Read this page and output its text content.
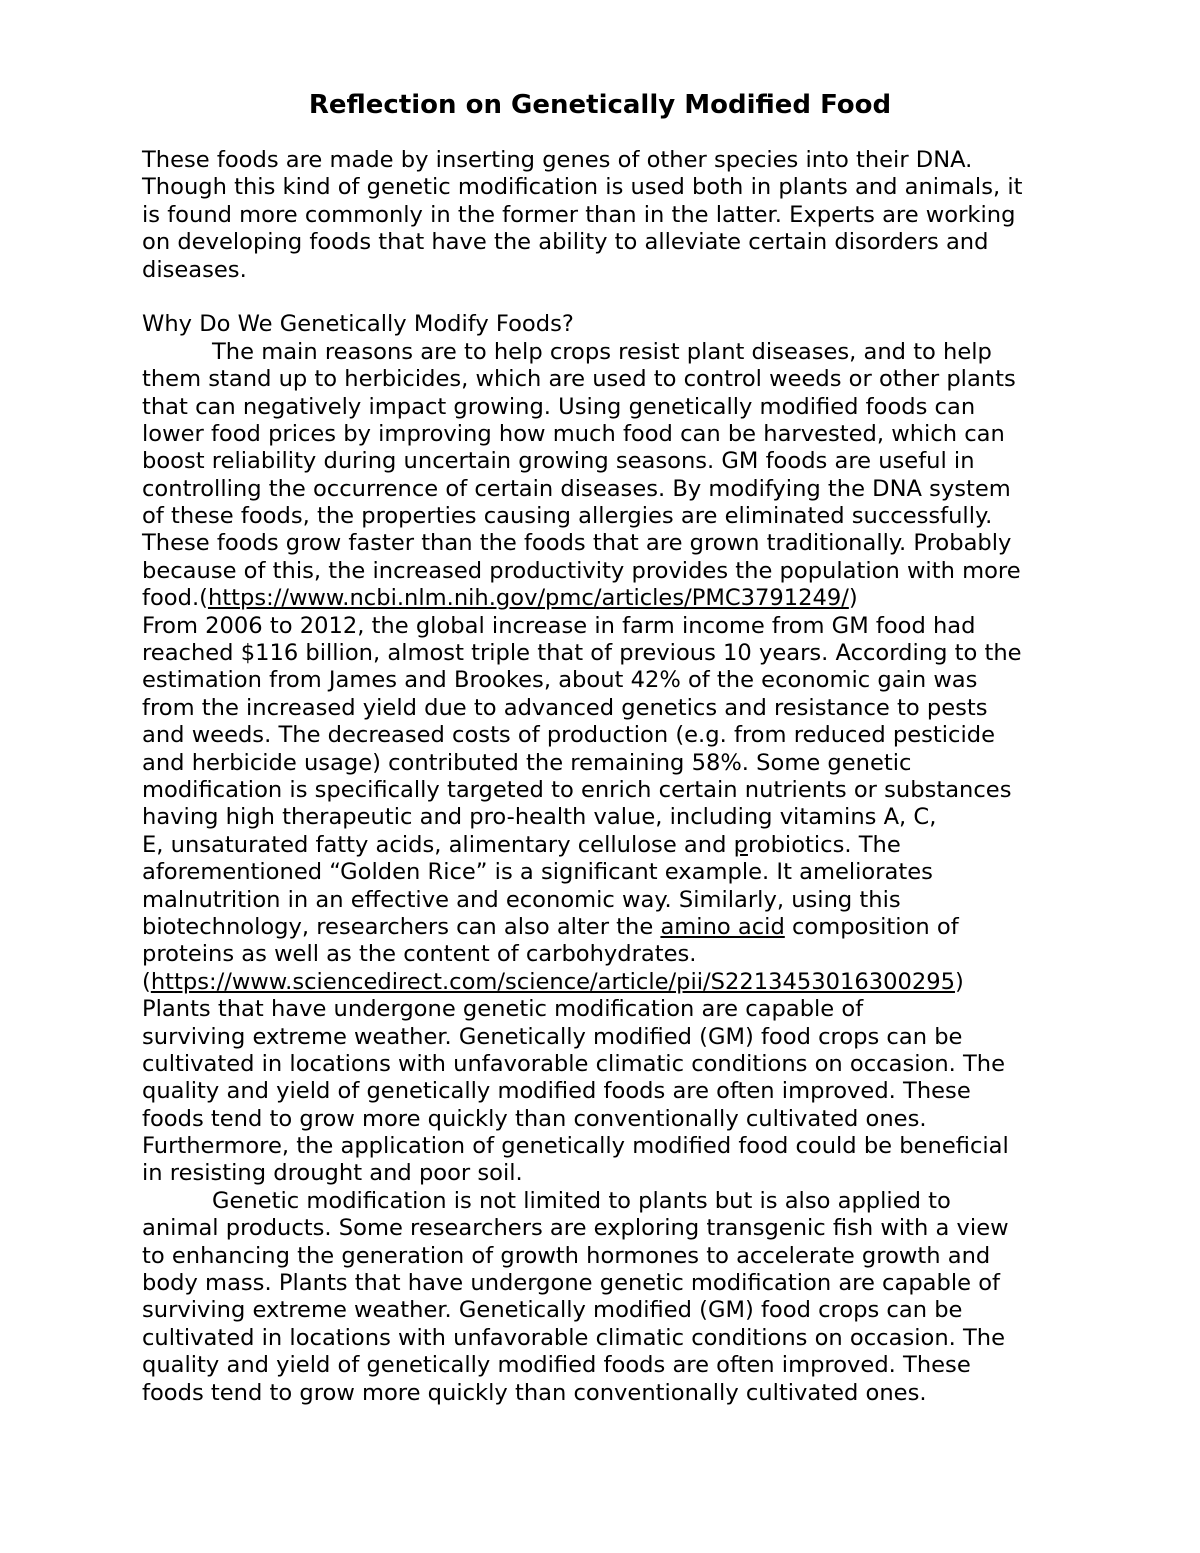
Reflection on Genetically Modified Food
These foods are made by inserting genes of other species into their DNA.
Though this kind of genetic modification is used both in plants and animals, it
is found more commonly in the former than in the latter. Experts are working
on developing foods that have the ability to alleviate certain disorders and
diseases.
Why Do We Genetically Modify Foods?
The main reasons are to help crops resist plant diseases, and to help
them stand up to herbicides, which are used to control weeds or other plants
that can negatively impact growing. Using genetically modified foods can
lower food prices by improving how much food can be harvested, which can
boost reliability during uncertain growing seasons. GM foods are useful in
controlling the occurrence of certain diseases. By modifying the DNA system
of these foods, the properties causing allergies are eliminated successfully.
These foods grow faster than the foods that are grown traditionally. Probably
because of this, the increased productivity provides the population with more
food.(https://www.ncbi.nlm.nih.gov/pmc/articles/PMC3791249/)
From 2006 to 2012, the global increase in farm income from GM food had
reached $116 billion, almost triple that of previous 10 years. According to the
estimation from James and Brookes, about 42% of the economic gain was
from the increased yield due to advanced genetics and resistance to pests
and weeds. The decreased costs of production (e.g. from reduced pesticide
and herbicide usage) contributed the remaining 58%. Some genetic
modification is specifically targeted to enrich certain nutrients or substances
having high therapeutic and pro-health value, including vitamins A, C,
E, unsaturated fatty acids, alimentary cellulose and probiotics. The
aforementioned “Golden Rice” is a significant example. It ameliorates
malnutrition in an effective and economic way. Similarly, using this
biotechnology, researchers can also alter the amino acid composition of
proteins as well as the content of carbohydrates.
(https://www.sciencedirect.com/science/article/pii/S2213453016300295)
Plants that have undergone genetic modification are capable of
surviving extreme weather. Genetically modified (GM) food crops can be
cultivated in locations with unfavorable climatic conditions on occasion. The
quality and yield of genetically modified foods are often improved. These
foods tend to grow more quickly than conventionally cultivated ones.
Furthermore, the application of genetically modified food could be beneficial
in resisting drought and poor soil.
Genetic modification is not limited to plants but is also applied to
animal products. Some researchers are exploring transgenic fish with a view
to enhancing the generation of growth hormones to accelerate growth and
body mass. Plants that have undergone genetic modification are capable of
surviving extreme weather. Genetically modified (GM) food crops can be
cultivated in locations with unfavorable climatic conditions on occasion. The
quality and yield of genetically modified foods are often improved. These
foods tend to grow more quickly than conventionally cultivated ones.
